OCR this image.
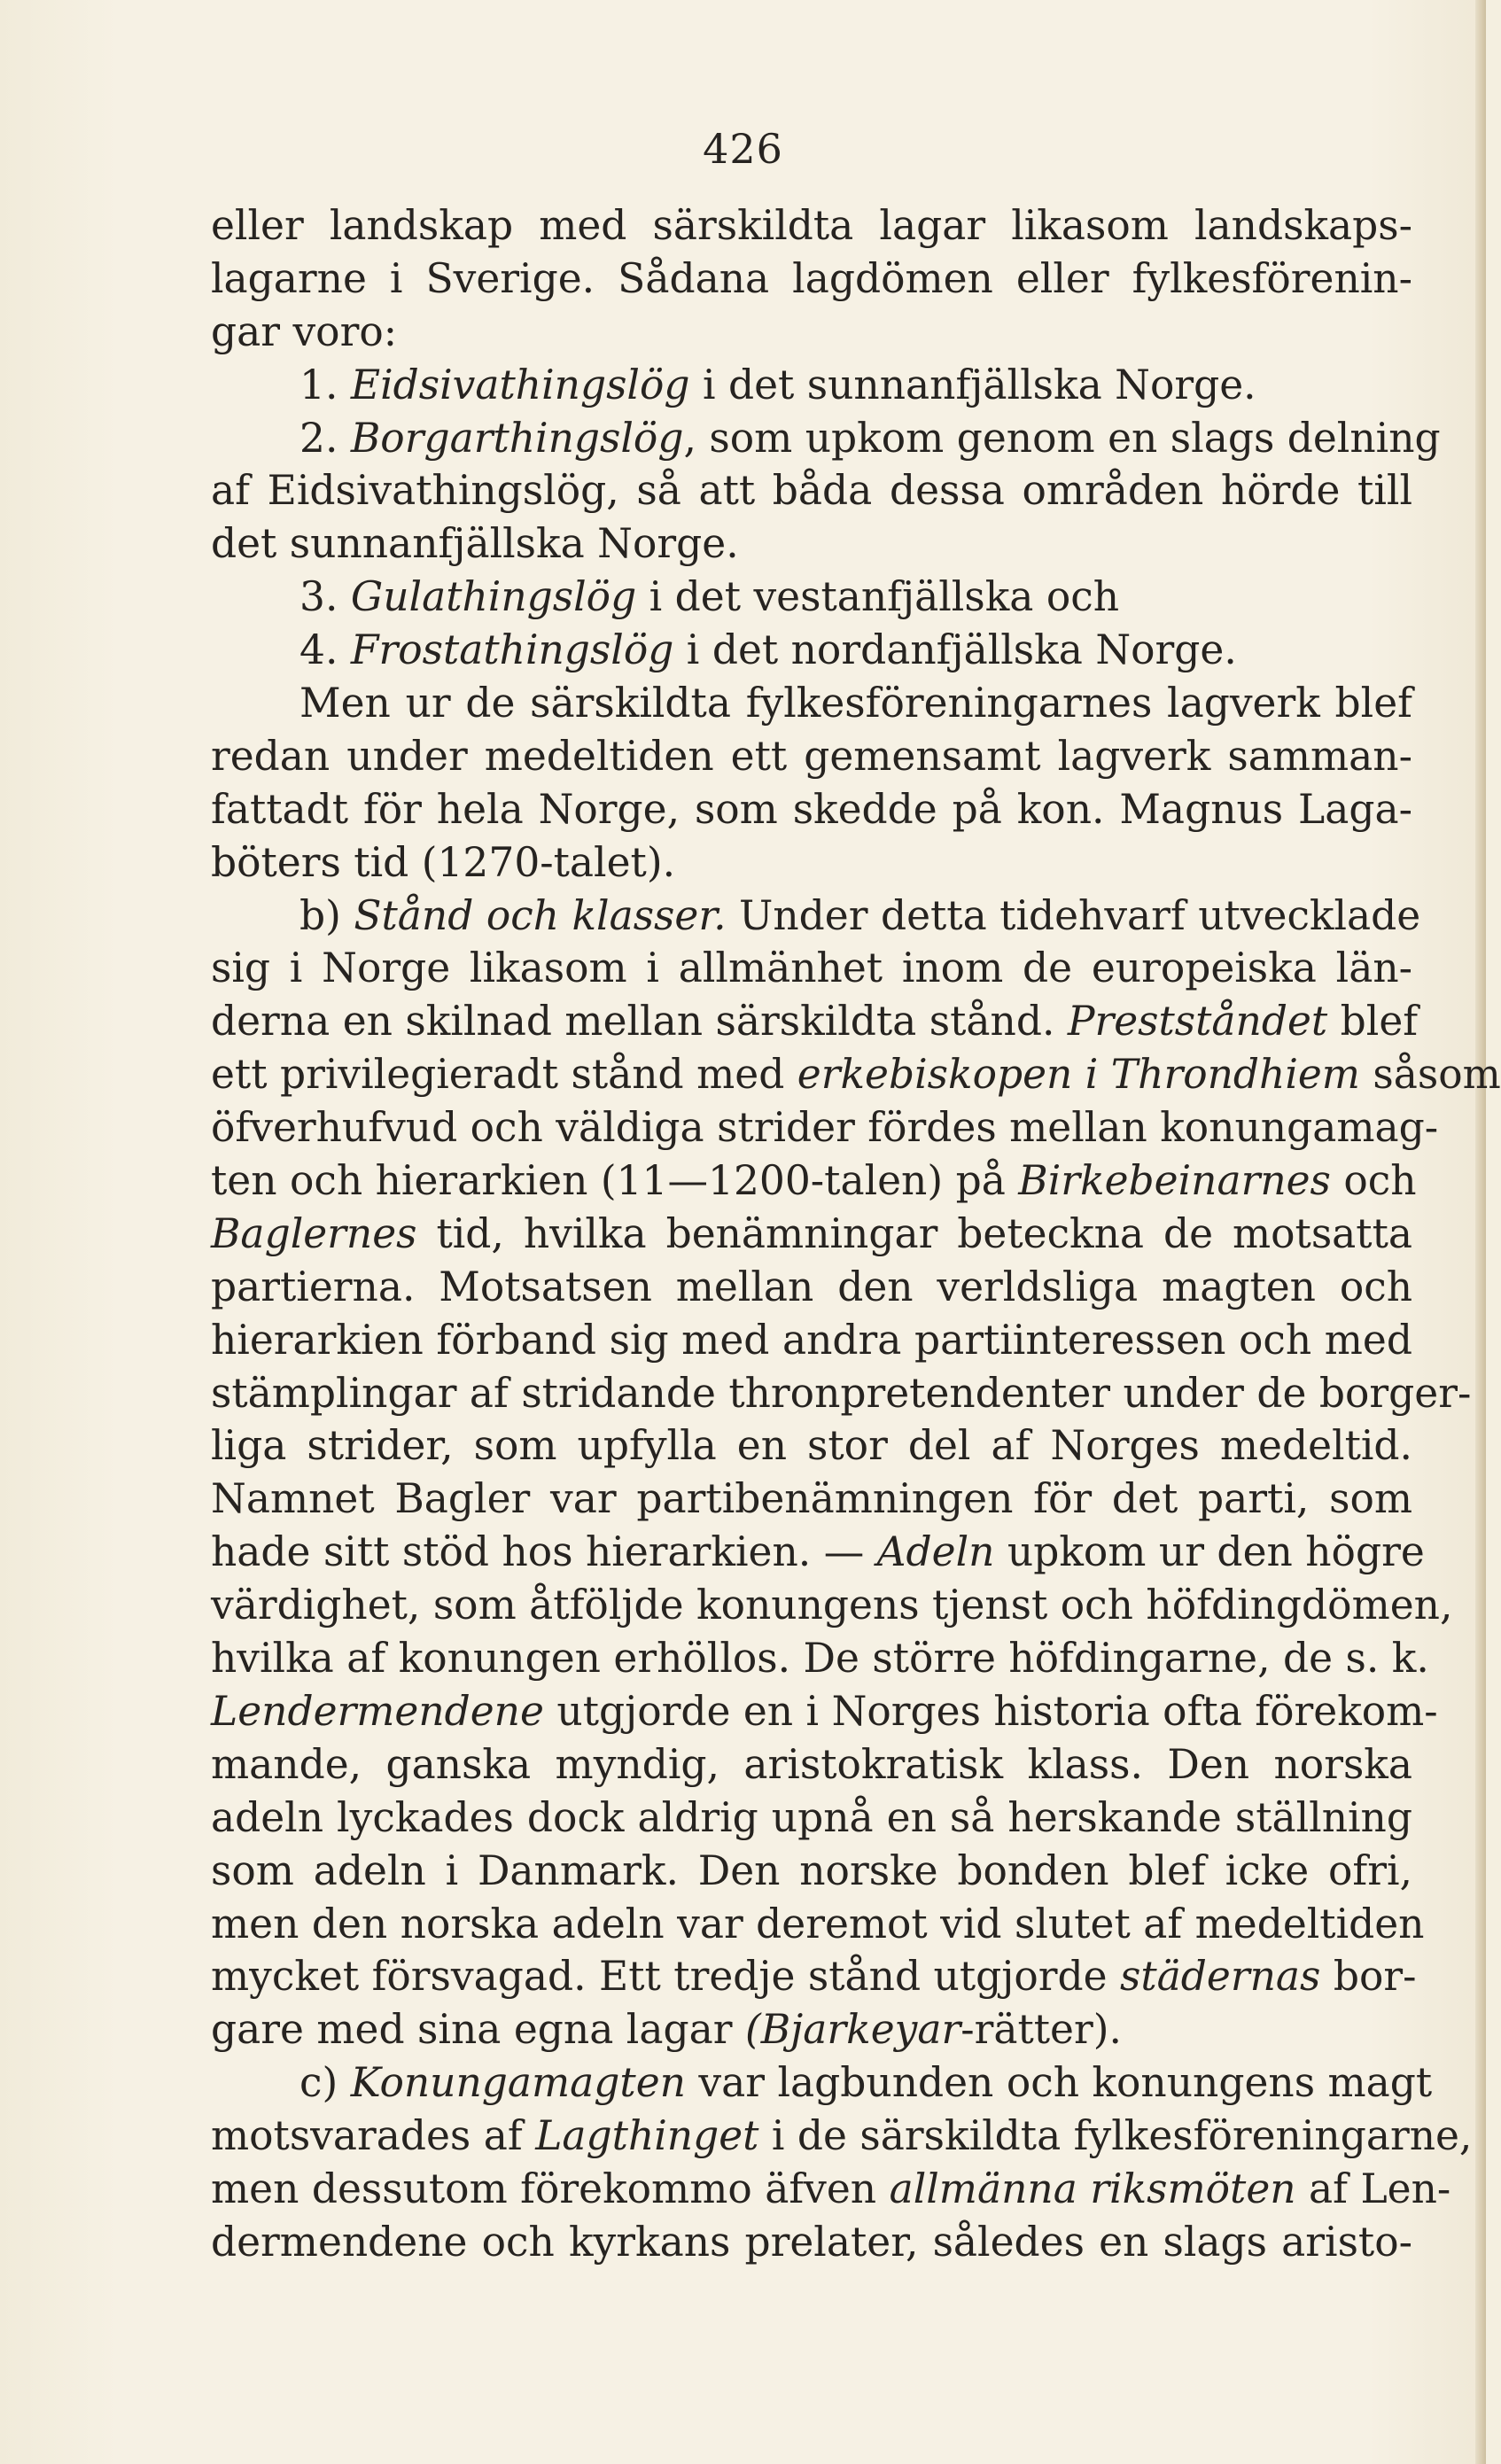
426
eller landskap med särskildta lagar likasom landskaps-
lagarne i Sverige. Sådana lagdömen eller fylkesförenin-
gar voro:
1. Eidsivathingslög i det sunnanfjällska Norge.
2. Borgarthingslög, som upkom genom en slags delning
af Eidsivathingslög, så att båda dessa områden hörde till
det sunnanfjällska Norge.
3. Gulathingslög i det vestanfjällska och
4. Frostathingslög i det nordanfjällska Norge.
Men ur de särskildta fylkesföreningarnes lagverk blef
redan under medeltiden ett gemensamt lagverk samman-
fattadt för hela Norge, som skedde på kon. Magnus Laga-
böters tid (1270-talet).
b) Stånd och klasser. Under detta tidehvarf utvecklade
sig i Norge likasom i allmänhet inom de europeiska län-
derna en skilnad mellan särskildta stånd. Prestståndet blef
ett privilegieradt stånd med erkebiskopen i Throndhiem såsom
öfverhufvud och väldiga strider fördes mellan konungamag-
ten och hierarkien (11—1200-talen) på Birkebeinarnes och
Baglernes tid, hvilka benämningar beteckna de motsatta
partierna. Motsatsen mellan den verldsliga magten och
hierarkien förband sig med andra partiinteressen och med
stämplingar af stridande thronpretendenter under de borger-
liga strider, som upfylla en stor del af Norges medeltid.
Namnet Bagler var partibenämningen för det parti, som
hade sitt stöd hos hierarkien. — Adeln upkom ur den högre
värdighet, som åtföljde konungens tjenst och höfdingdömen,
hvilka af konungen erhöllos. De större höfdingarne, de s. k.
Lendermendene utgjorde en i Norges historia ofta förekom-
mande, ganska myndig, aristokratisk klass. Den norska
adeln lyckades dock aldrig upnå en så herskande ställning
som adeln i Danmark. Den norske bonden blef icke ofri,
men den norska adeln var deremot vid slutet af medeltiden
mycket försvagad. Ett tredje stånd utgjorde städernas bor-
gare med sina egna lagar (Bjarkeyar-rätter).
c) Konungamagten var lagbunden och konungens magt
motsvarades af Lagthinget i de särskildta fylkesföreningarne,
men dessutom förekommo äfven allmänna riksmöten af Len-
dermendene och kyrkans prelater, således en slags aristo-
